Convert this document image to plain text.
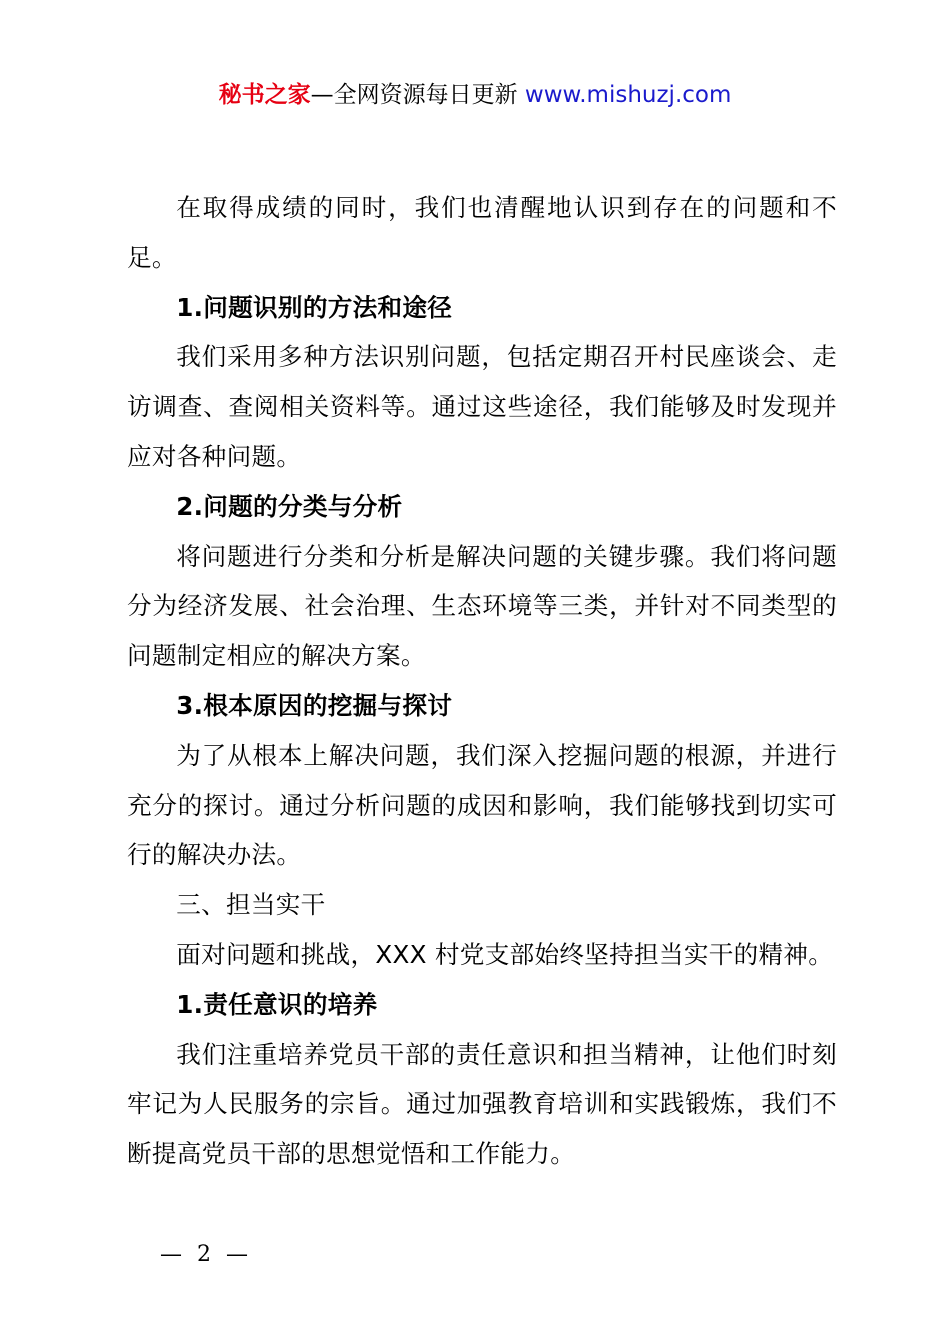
秘书之家—全网资源每日更新 www.mishuzj.com

在取得成绩的同时，我们也清醒地认识到存在的问题和不足。

1.问题识别的方法和途径

我们采用多种方法识别问题，包括定期召开村民座谈会、走访调查、查阅相关资料等。通过这些途径，我们能够及时发现并应对各种问题。

2.问题的分类与分析

将问题进行分类和分析是解决问题的关键步骤。我们将问题分为经济发展、社会治理、生态环境等三类，并针对不同类型的问题制定相应的解决方案。

3.根本原因的挖掘与探讨

为了从根本上解决问题，我们深入挖掘问题的根源，并进行充分的探讨。通过分析问题的成因和影响，我们能够找到切实可行的解决办法。

三、担当实干

面对问题和挑战，XXX 村党支部始终坚持担当实干的精神。

1.责任意识的培养

我们注重培养党员干部的责任意识和担当精神，让他们时刻牢记为人民服务的宗旨。通过加强教育培训和实践锻炼，我们不断提高党员干部的思想觉悟和工作能力。

— 2 —
